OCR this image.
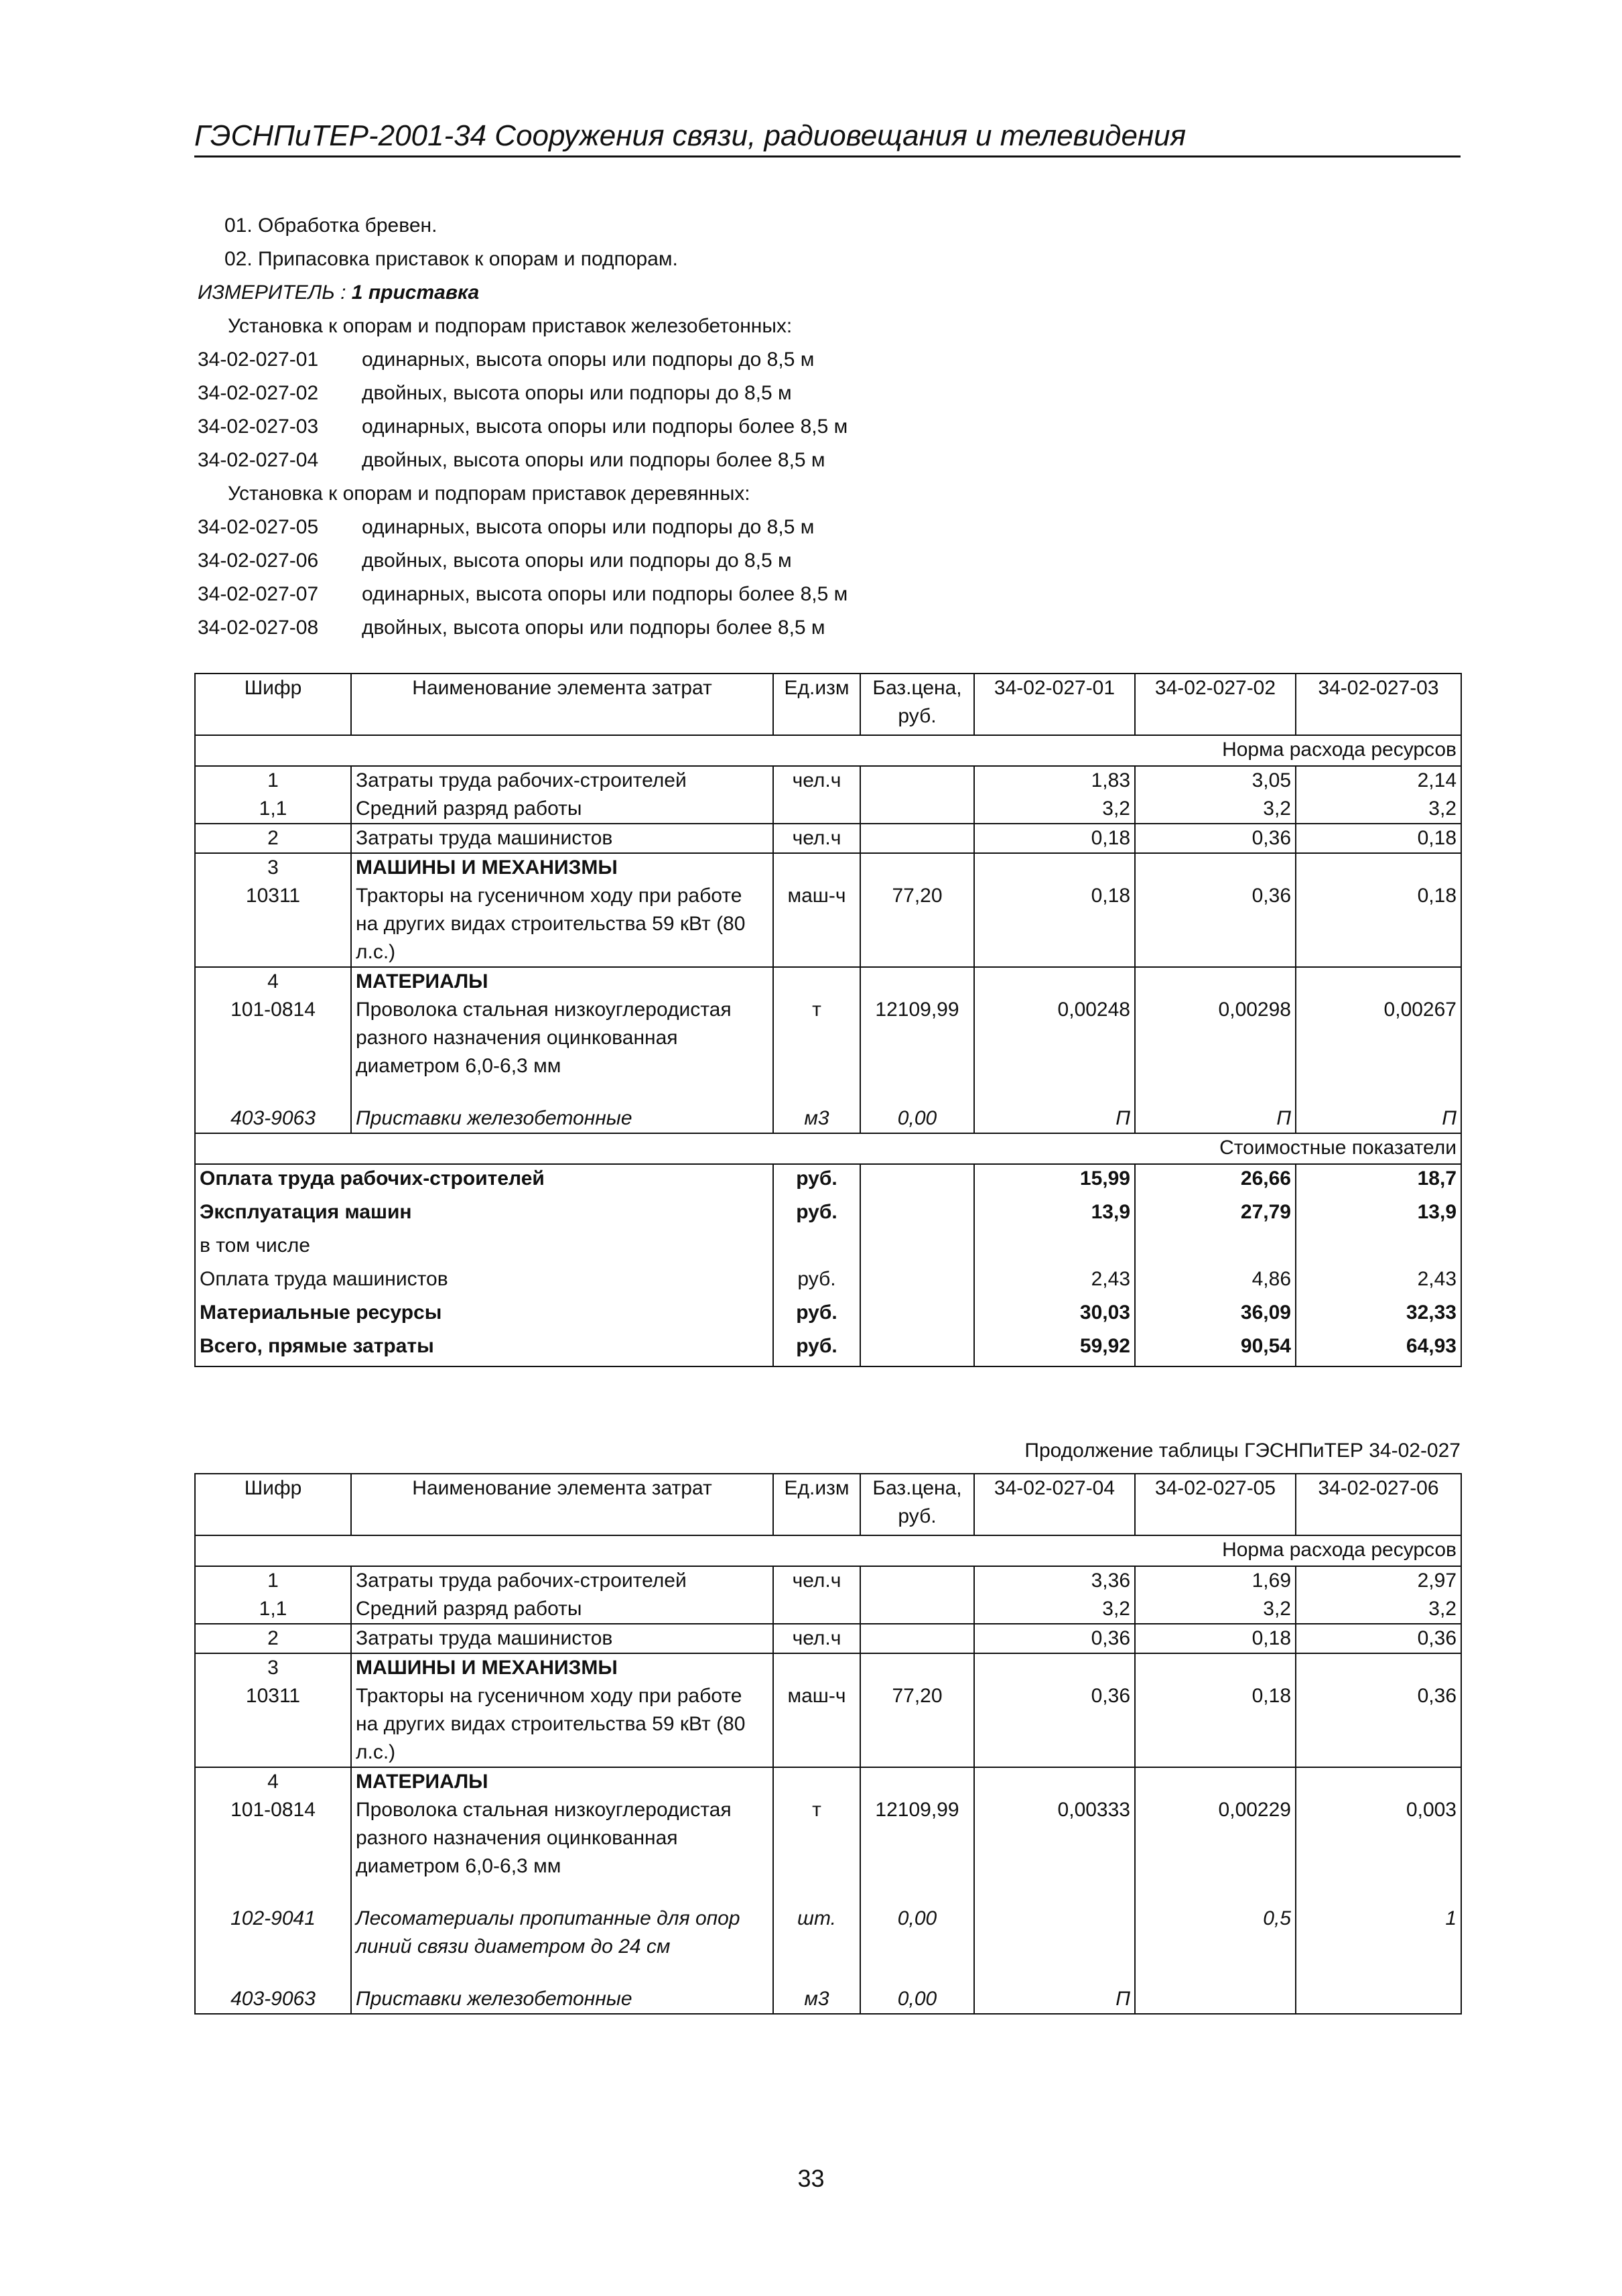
ГЭСНПиТЕР-2001-34 Сооружения связи, радиовещания и телевидения
01. Обработка бревен.
02. Припасовка приставок к опорам и подпорам.
ИЗМЕРИТЕЛЬ : 1 приставка
Установка к опорам и подпорам приставок железобетонных:
34-02-027-01	одинарных, высота опоры или подпоры до 8,5 м
34-02-027-02	двойных, высота опоры или подпоры до 8,5 м
34-02-027-03	одинарных, высота опоры или подпоры более 8,5 м
34-02-027-04	двойных, высота опоры или подпоры более 8,5 м
Установка к опорам и подпорам приставок деревянных:
34-02-027-05	одинарных, высота опоры или подпоры до 8,5 м
34-02-027-06	двойных, высота опоры или подпоры до 8,5 м
34-02-027-07	одинарных, высота опоры или подпоры более 8,5 м
34-02-027-08	двойных, высота опоры или подпоры более 8,5 м
Шифр	Наименование элемента затрат	Ед.изм	Баз.цена, руб.	34-02-027-01	34-02-027-02	34-02-027-03
				Норма расхода ресурсов		
1	Затраты труда рабочих-строителей	чел.ч		1,83	3,05	2,14
1,1	Средний разряд работы			3,2	3,2	3,2
2	Затраты труда машинистов	чел.ч		0,18	0,36	0,18
3	МАШИНЫ И МЕХАНИЗМЫ					
10311	Тракторы на гусеничном ходу при работе на других видах строительства 59 кВт (80 л.с.)	маш-ч	77,20	0,18	0,36	0,18
4	МАТЕРИАЛЫ					
101-0814	Проволока стальная низкоуглеродистая разного назначения оцинкованная диаметром 6,0-6,3 мм	т	12109,99	0,00248	0,00298	0,00267

403-9063	Приставки железобетонные	м3	0,00	П	П	П
				Стоимостные показатели		
Оплата труда рабочих-строителей		руб.		15,99	26,66	18,7
Эксплуатация машин		руб.		13,9	27,79	13,9
в том числе						
Оплата труда машинистов		руб.		2,43	4,86	2,43
Материальные ресурсы		руб.		30,03	36,09	32,33
Всего, прямые затраты		руб.		59,92	90,54	64,93
Продолжение таблицы ГЭСНПиТЕР 34-02-027
Шифр	Наименование элемента затрат	Ед.изм	Баз.цена, руб.	34-02-027-04	34-02-027-05	34-02-027-06
				Норма расхода ресурсов		
1	Затраты труда рабочих-строителей	чел.ч		3,36	1,69	2,97
1,1	Средний разряд работы			3,2	3,2	3,2
2	Затраты труда машинистов	чел.ч		0,36	0,18	0,36
3	МАШИНЫ И МЕХАНИЗМЫ					
10311	Тракторы на гусеничном ходу при работе на других видах строительства 59 кВт (80 л.с.)	маш-ч	77,20	0,36	0,18	0,36
4	МАТЕРИАЛЫ					
101-0814	Проволока стальная низкоуглеродистая разного назначения оцинкованная диаметром 6,0-6,3 мм	т	12109,99	0,00333	0,00229	0,003

102-9041	Лесоматериалы пропитанные для опор линий связи диаметром до 24 см	шт.	0,00		0,5	1

403-9063	Приставки железобетонные	м3	0,00	П		
33
